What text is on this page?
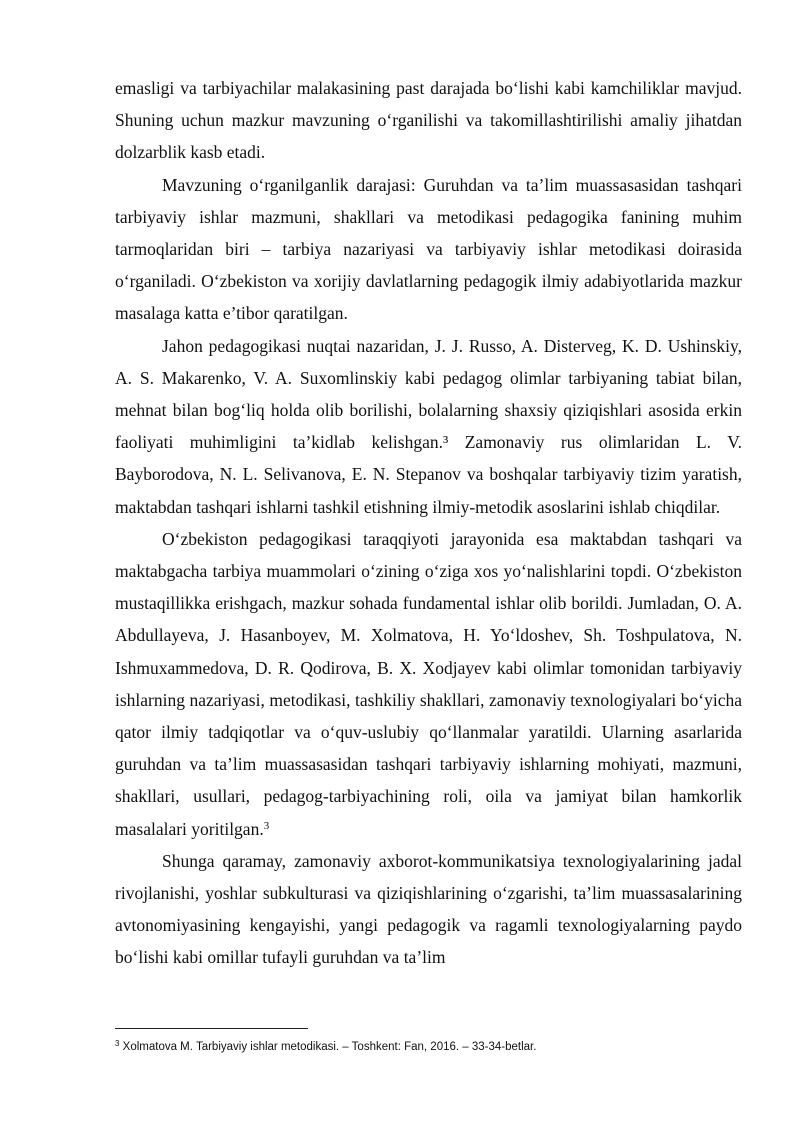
emasligi va tarbiyachilar malakasining past darajada bo‘lishi kabi kamchiliklar mavjud. Shuning uchun mazkur mavzuning o‘rganilishi va takomillashtirilishi amaliy jihatdan dolzarblik kasb etadi.

Mavzuning o‘rganilganlik darajasi: Guruhdan va ta’lim muassasasidan tashqari tarbiyaviy ishlar mazmuni, shakllari va metodikasi pedagogika fanining muhim tarmoqlaridan biri – tarbiya nazariyasi va tarbiyaviy ishlar metodikasi doirasida o‘rganiladi. O‘zbekiston va xorijiy davlatlarning pedagogik ilmiy adabiyotlarida mazkur masalaga katta e’tibor qaratilgan.

Jahon pedagogikasi nuqtai nazaridan, J. J. Russo, A. Disterveg, K. D. Ushinskiy, A. S. Makarenko, V. A. Suxomlinskiy kabi pedagog olimlar tarbiyaning tabiat bilan, mehnat bilan bog‘liq holda olib borilishi, bolalarning shaxsiy qiziqishlari asosida erkin faoliyati muhimligini ta’kidlab kelishgan.³ Zamonaviy rus olimlaridan L. V. Bayborodova, N. L. Selivanova, E. N. Stepanov va boshqalar tarbiyaviy tizim yaratish, maktabdan tashqari ishlarni tashkil etishning ilmiy-metodik asoslarini ishlab chiqdilar.

O‘zbekiston pedagogikasi taraqqiyoti jarayonida esa maktabdan tashqari va maktabgacha tarbiya muammolari o‘zining o‘ziga xos yo‘nalishlarini topdi. O‘zbekiston mustaqillikka erishgach, mazkur sohada fundamental ishlar olib borildi. Jumladan, O. A. Abdullayeva, J. Hasanboyev, M. Xolmatova, H. Yo‘ldoshev, Sh. Toshpulatova, N. Ishmuxammedova, D. R. Qodirova, B. X. Xodjayev kabi olimlar tomonidan tarbiyaviy ishlarning nazariyasi, metodikasi, tashkiliy shakllari, zamonaviy texnologiyalari bo‘yicha qator ilmiy tadqiqotlar va o‘quv-uslubiy qo‘llanmalar yaratildi. Ularning asarlarida guruhdan va ta’lim muassasasidan tashqari tarbiyaviy ishlarning mohiyati, mazmuni, shakllari, usullari, pedagog-tarbiyachining roli, oila va jamiyat bilan hamkorlik masalalari yoritilgan.$^3$

Shunga qaramay, zamonaviy axborot-kommunikatsiya texnologiyalarining jadal rivojlanishi, yoshlar subkulturasi va qiziqishlarining o‘zgarishi, ta’lim muassasalarining avtonomiyasining kengayishi, yangi pedagogik va ragamli texnologiyalarning paydo bo‘lishi kabi omillar tufayli guruhdan va ta’lim

$^3$ Xolmatova M. Tarbiyaviy ishlar metodikasi. – Toshkent: Fan, 2016. – 33-34-betlar.
